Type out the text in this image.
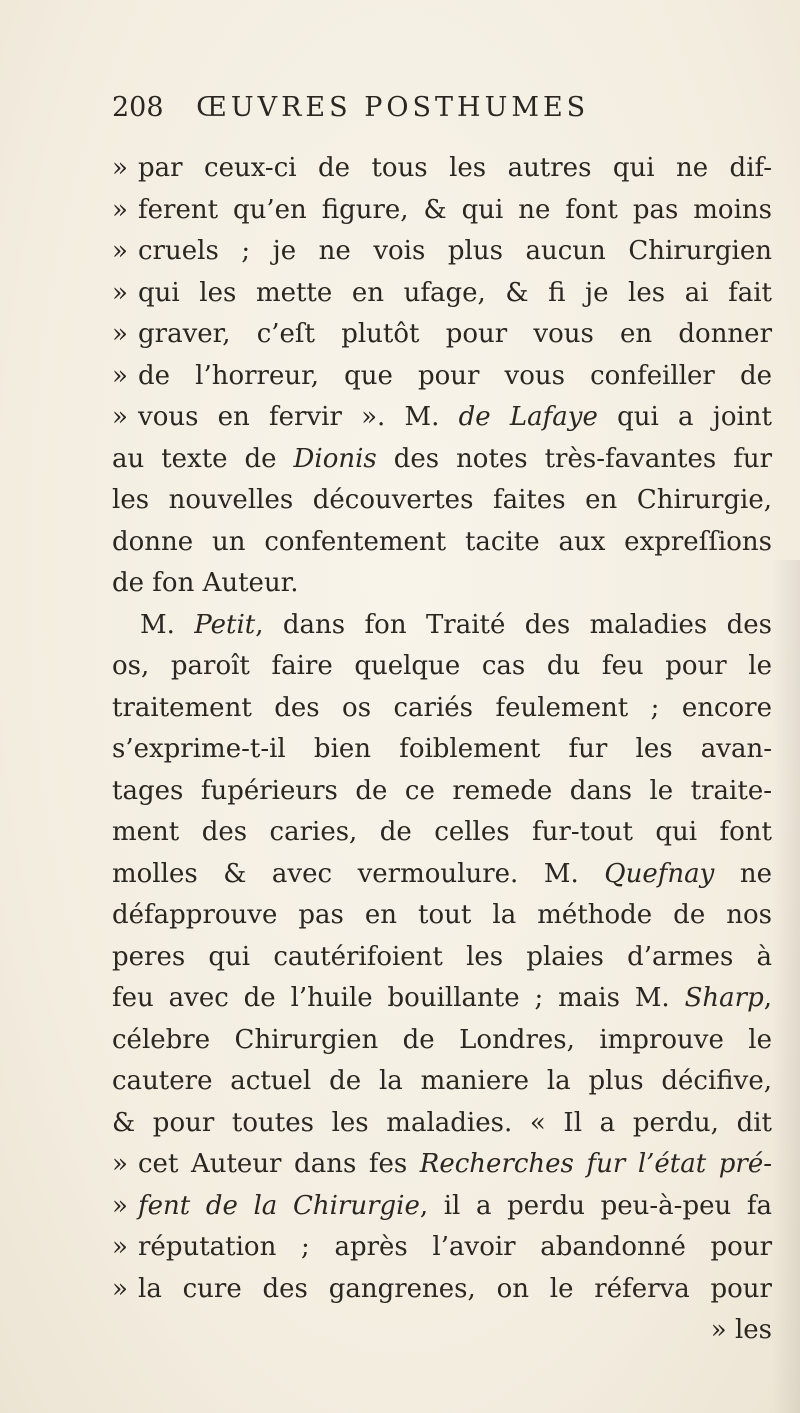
208 ŒUVRES POSTHUMES
» par ceux-ci de tous les autres qui ne dif-
» ferent qu’en figure, & qui ne font pas moins
» cruels ; je ne vois plus aucun Chirurgien
» qui les mette en ufage, & fi je les ai fait
» graver, c’eſt plutôt pour vous en donner
» de l’horreur, que pour vous confeiller de
» vous en fervir ». M. de Lafaye qui a joint
au texte de Dionis des notes très-favantes fur
les nouvelles découvertes faites en Chirurgie,
donne un confentement tacite aux expreſſions
de fon Auteur.
M. Petit, dans fon Traité des maladies des
os, paroît faire quelque cas du feu pour le
traitement des os cariés feulement ; encore
s’exprime-t-il bien foiblement fur les avan-
tages fupérieurs de ce remede dans le traite-
ment des caries, de celles fur-tout qui font
molles & avec vermoulure. M. Quefnay ne
défapprouve pas en tout la méthode de nos
peres qui cautérifoient les plaies d’armes à
feu avec de l’huile bouillante ; mais M. Sharp,
célebre Chirurgien de Londres, improuve le
cautere actuel de la maniere la plus décifive,
& pour toutes les maladies. « Il a perdu, dit
» cet Auteur dans fes Recherches fur l’état pré-
» fent de la Chirurgie, il a perdu peu-à-peu fa
» réputation ; après l’avoir abandonné pour
» la cure des gangrenes, on le réferva pour
» les
